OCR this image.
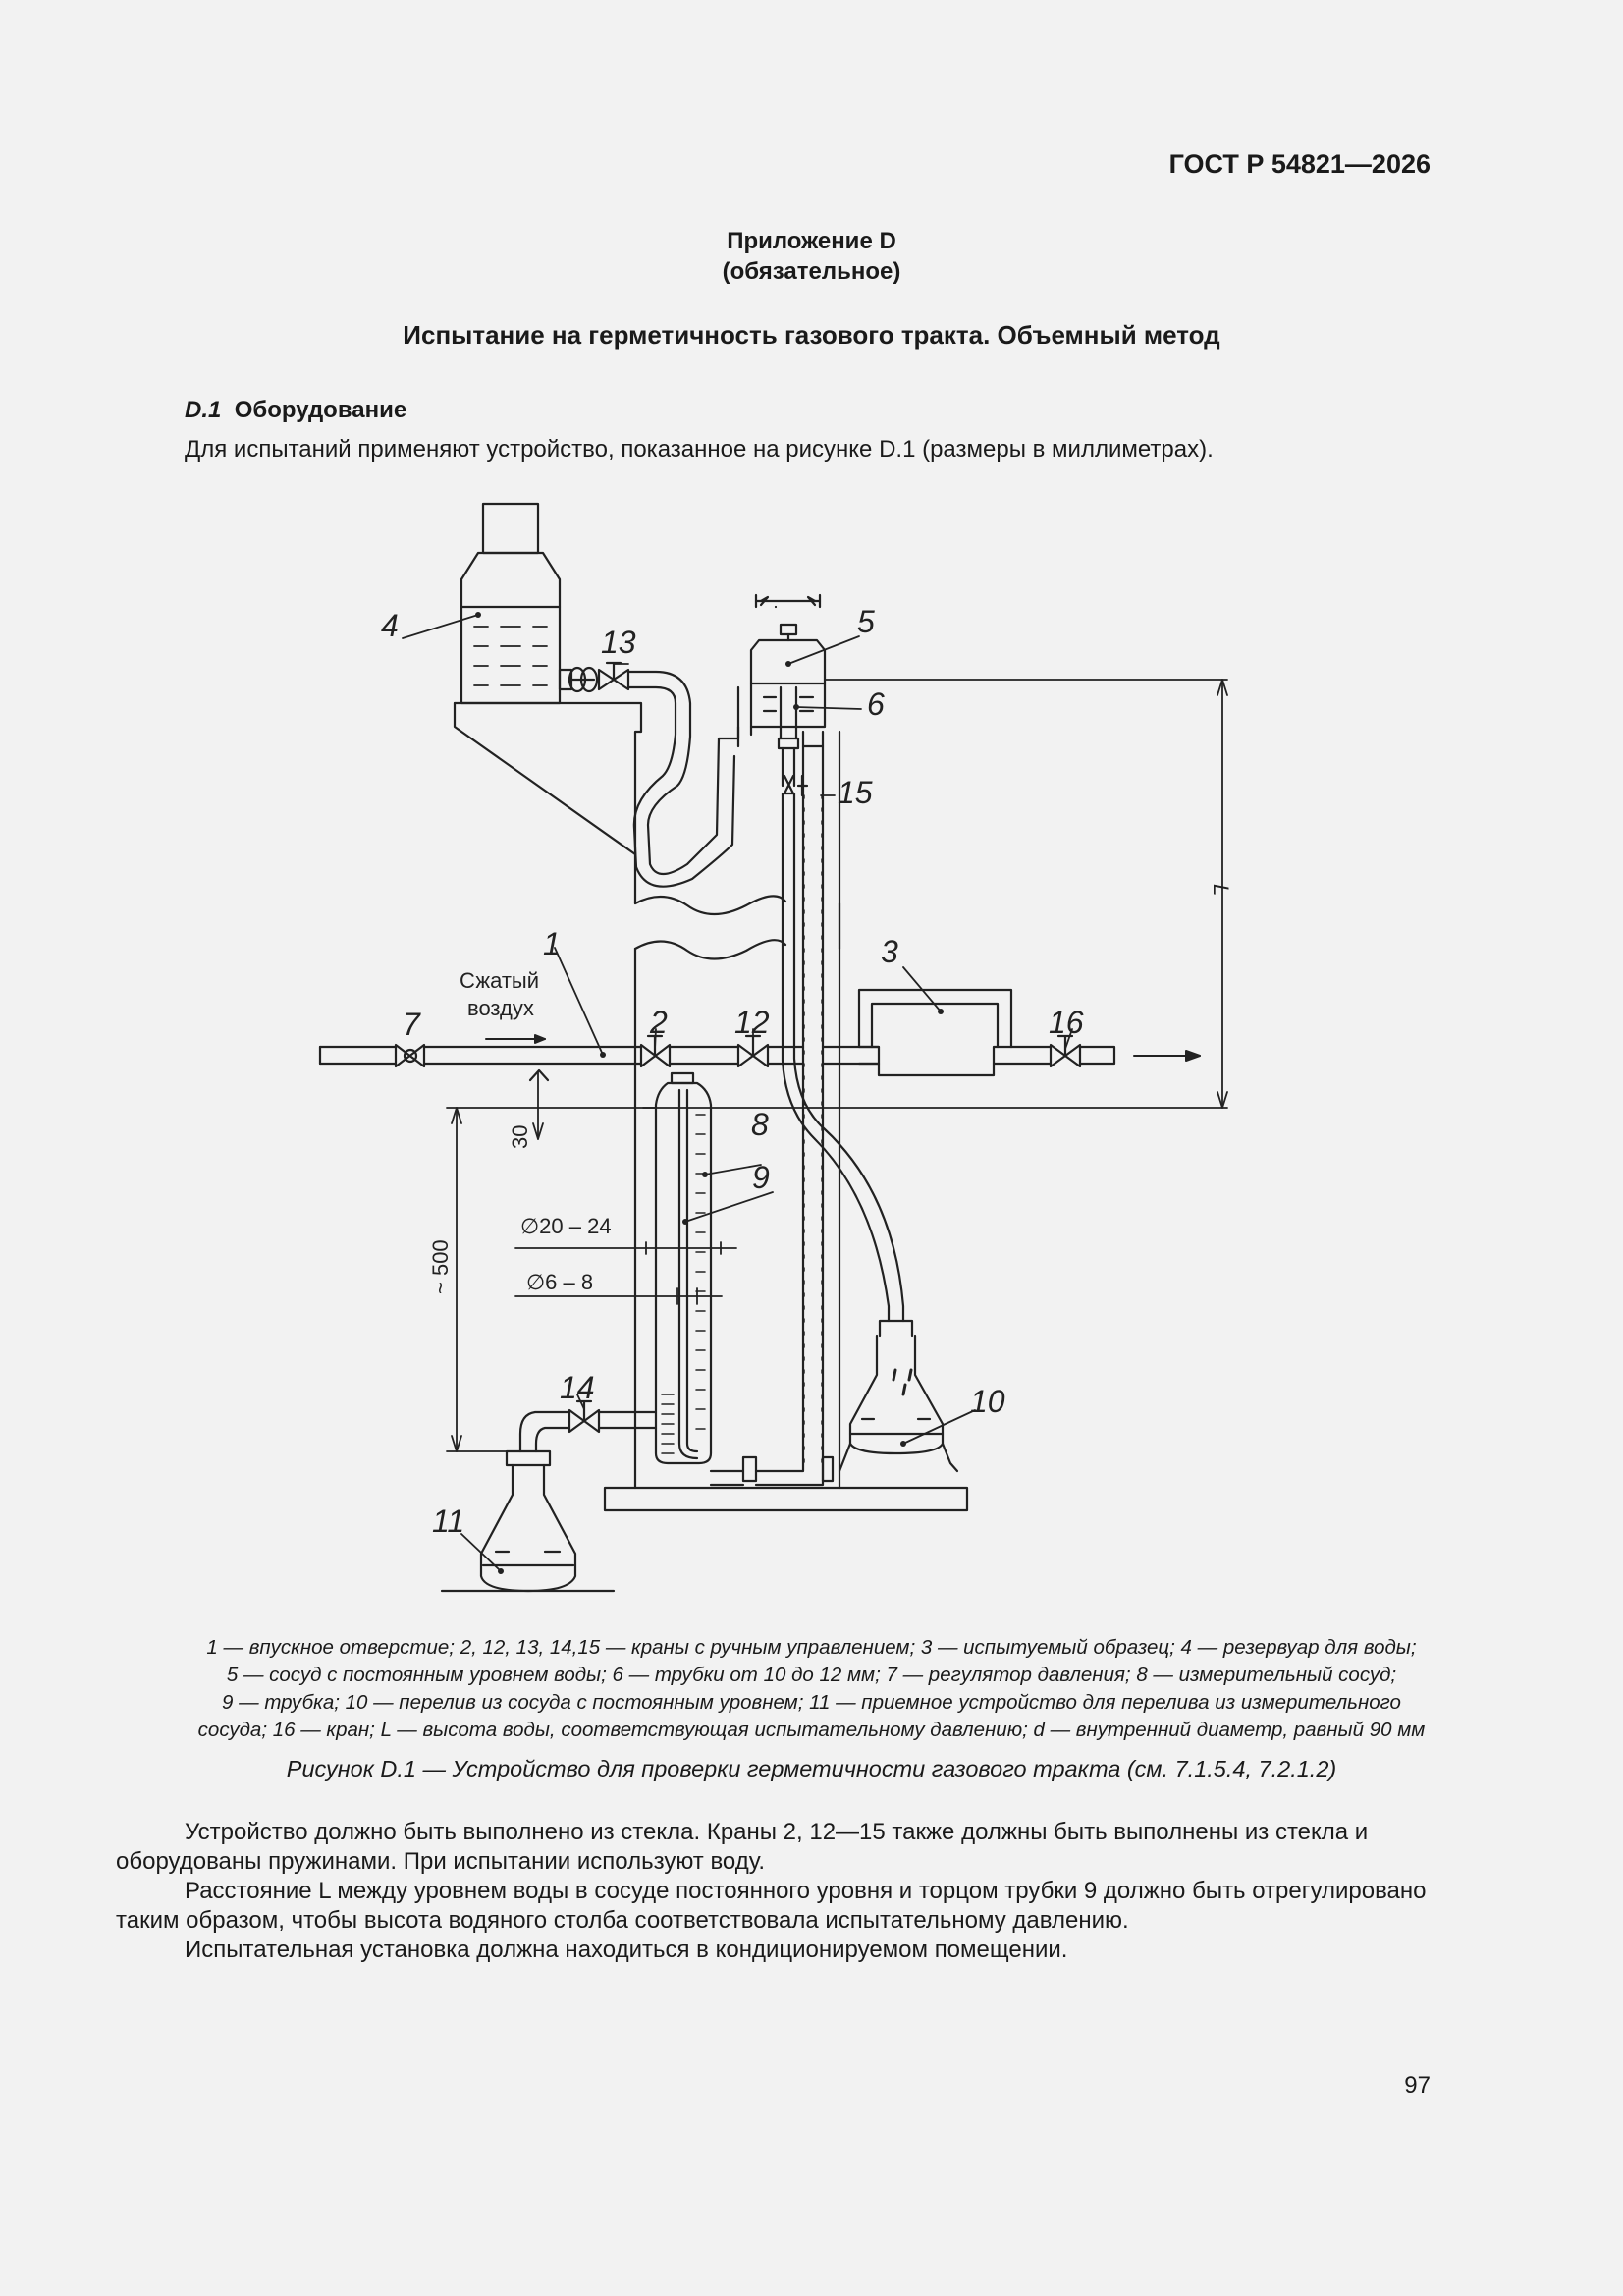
ГОСТ Р 54821—2026
Приложение D
(обязательное)
Испытание на герметичность газового тракта. Объемный метод
D.1 Оборудование
Для испытаний применяют устройство, показанное на рисунке D.1 (размеры в миллиметрах).
4	13
5
6
15
1	3
7	2 12	16
8
9
10
14
11
Сжатый
воздух
∅20 – 24
∅6 – 8
30
~ 500
L
1 — впускное отверстие; 2, 12, 13, 14,15 — краны с ручным управлением; 3 — испытуемый образец; 4 — резервуар для воды;
5 — сосуд с постоянным уровнем воды; 6 — трубки от 10 до 12 мм; 7 — регулятор давления; 8 — измерительный сосуд;
9 — трубка; 10 — перелив из сосуда с постоянным уровнем; 11 — приемное устройство для перелива из измерительного
сосуда; 16 — кран; L — высота воды, соответствующая испытательному давлению; d — внутренний диаметр, равный 90 мм
Рисунок D.1 — Устройство для проверки герметичности газового тракта (см. 7.1.5.4, 7.2.1.2)
Устройство должно быть выполнено из стекла. Краны 2, 12—15 также должны быть выполнены из стекла и оборудованы пружинами. При испытании используют воду.
Расстояние L между уровнем воды в сосуде постоянного уровня и торцом трубки 9 должно быть отрегулировано таким образом, чтобы высота водяного столба соответствовала испытательному давлению.
Испытательная установка должна находиться в кондиционируемом помещении.
97
